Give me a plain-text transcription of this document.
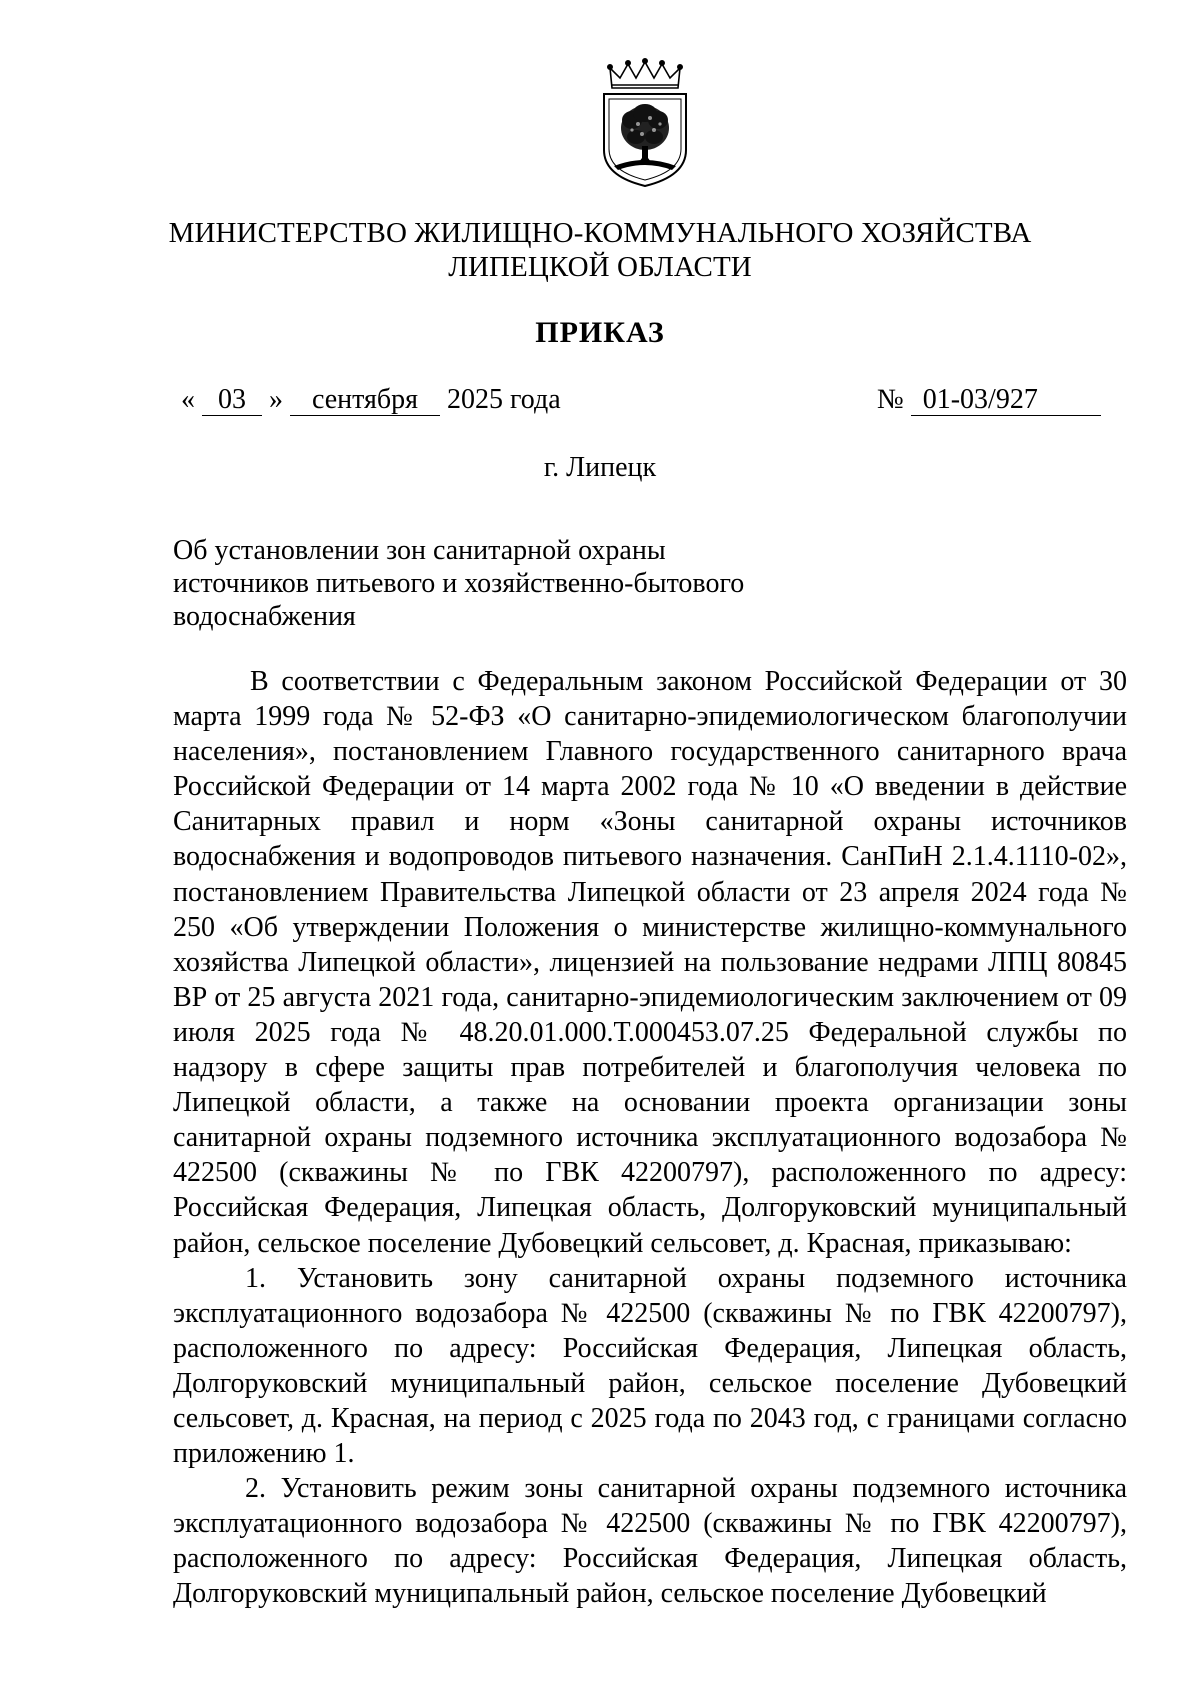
МИНИСТЕРСТВО ЖИЛИЩНО-КОММУНАЛЬНОГО ХОЗЯЙСТВА
ЛИПЕЦКОЙ ОБЛАСТИ
ПРИКАЗ
« 03 » сентября 2025 года	№ 01-03/927
г. Липецк
Об установлении зон санитарной охраны
источников питьевого и хозяйственно-бытового
водоснабжения

В соответствии с Федеральным законом Российской Федерации от 30 марта 1999 года № 52-ФЗ «О санитарно-эпидемиологическом благополучии населения», постановлением Главного государственного санитарного врача Российской Федерации от 14 марта 2002 года № 10 «О введении в действие Санитарных правил и норм «Зоны санитарной охраны источников водоснабжения и водопроводов питьевого назначения. СанПиН 2.1.4.1110-02», постановлением Правительства Липецкой области от 23 апреля 2024 года № 250 «Об утверждении Положения о министерстве жилищно-коммунального хозяйства Липецкой области», лицензией на пользование недрами ЛПЦ 80845 ВР от 25 августа 2021 года, санитарно-эпидемиологическим заключением от 09 июля 2025 года № 48.20.01.000.Т.000453.07.25 Федеральной службы по надзору в сфере защиты прав потребителей и благополучия человека по Липецкой области, а также на основании проекта организации зоны санитарной охраны подземного источника эксплуатационного водозабора № 422500 (скважины № по ГВК 42200797), расположенного по адресу: Российская Федерация, Липецкая область, Долгоруковский муниципальный район, сельское поселение Дубовецкий сельсовет, д. Красная, приказываю:

1. Установить зону санитарной охраны подземного источника эксплуатационного водозабора № 422500 (скважины № по ГВК 42200797), расположенного по адресу: Российская Федерация, Липецкая область, Долгоруковский муниципальный район, сельское поселение Дубовецкий сельсовет, д. Красная, на период с 2025 года по 2043 год, с границами согласно приложению 1.

2. Установить режим зоны санитарной охраны подземного источника эксплуатационного водозабора № 422500 (скважины № по ГВК 42200797), расположенного по адресу: Российская Федерация, Липецкая область, Долгоруковский муниципальный район, сельское поселение Дубовецкий
